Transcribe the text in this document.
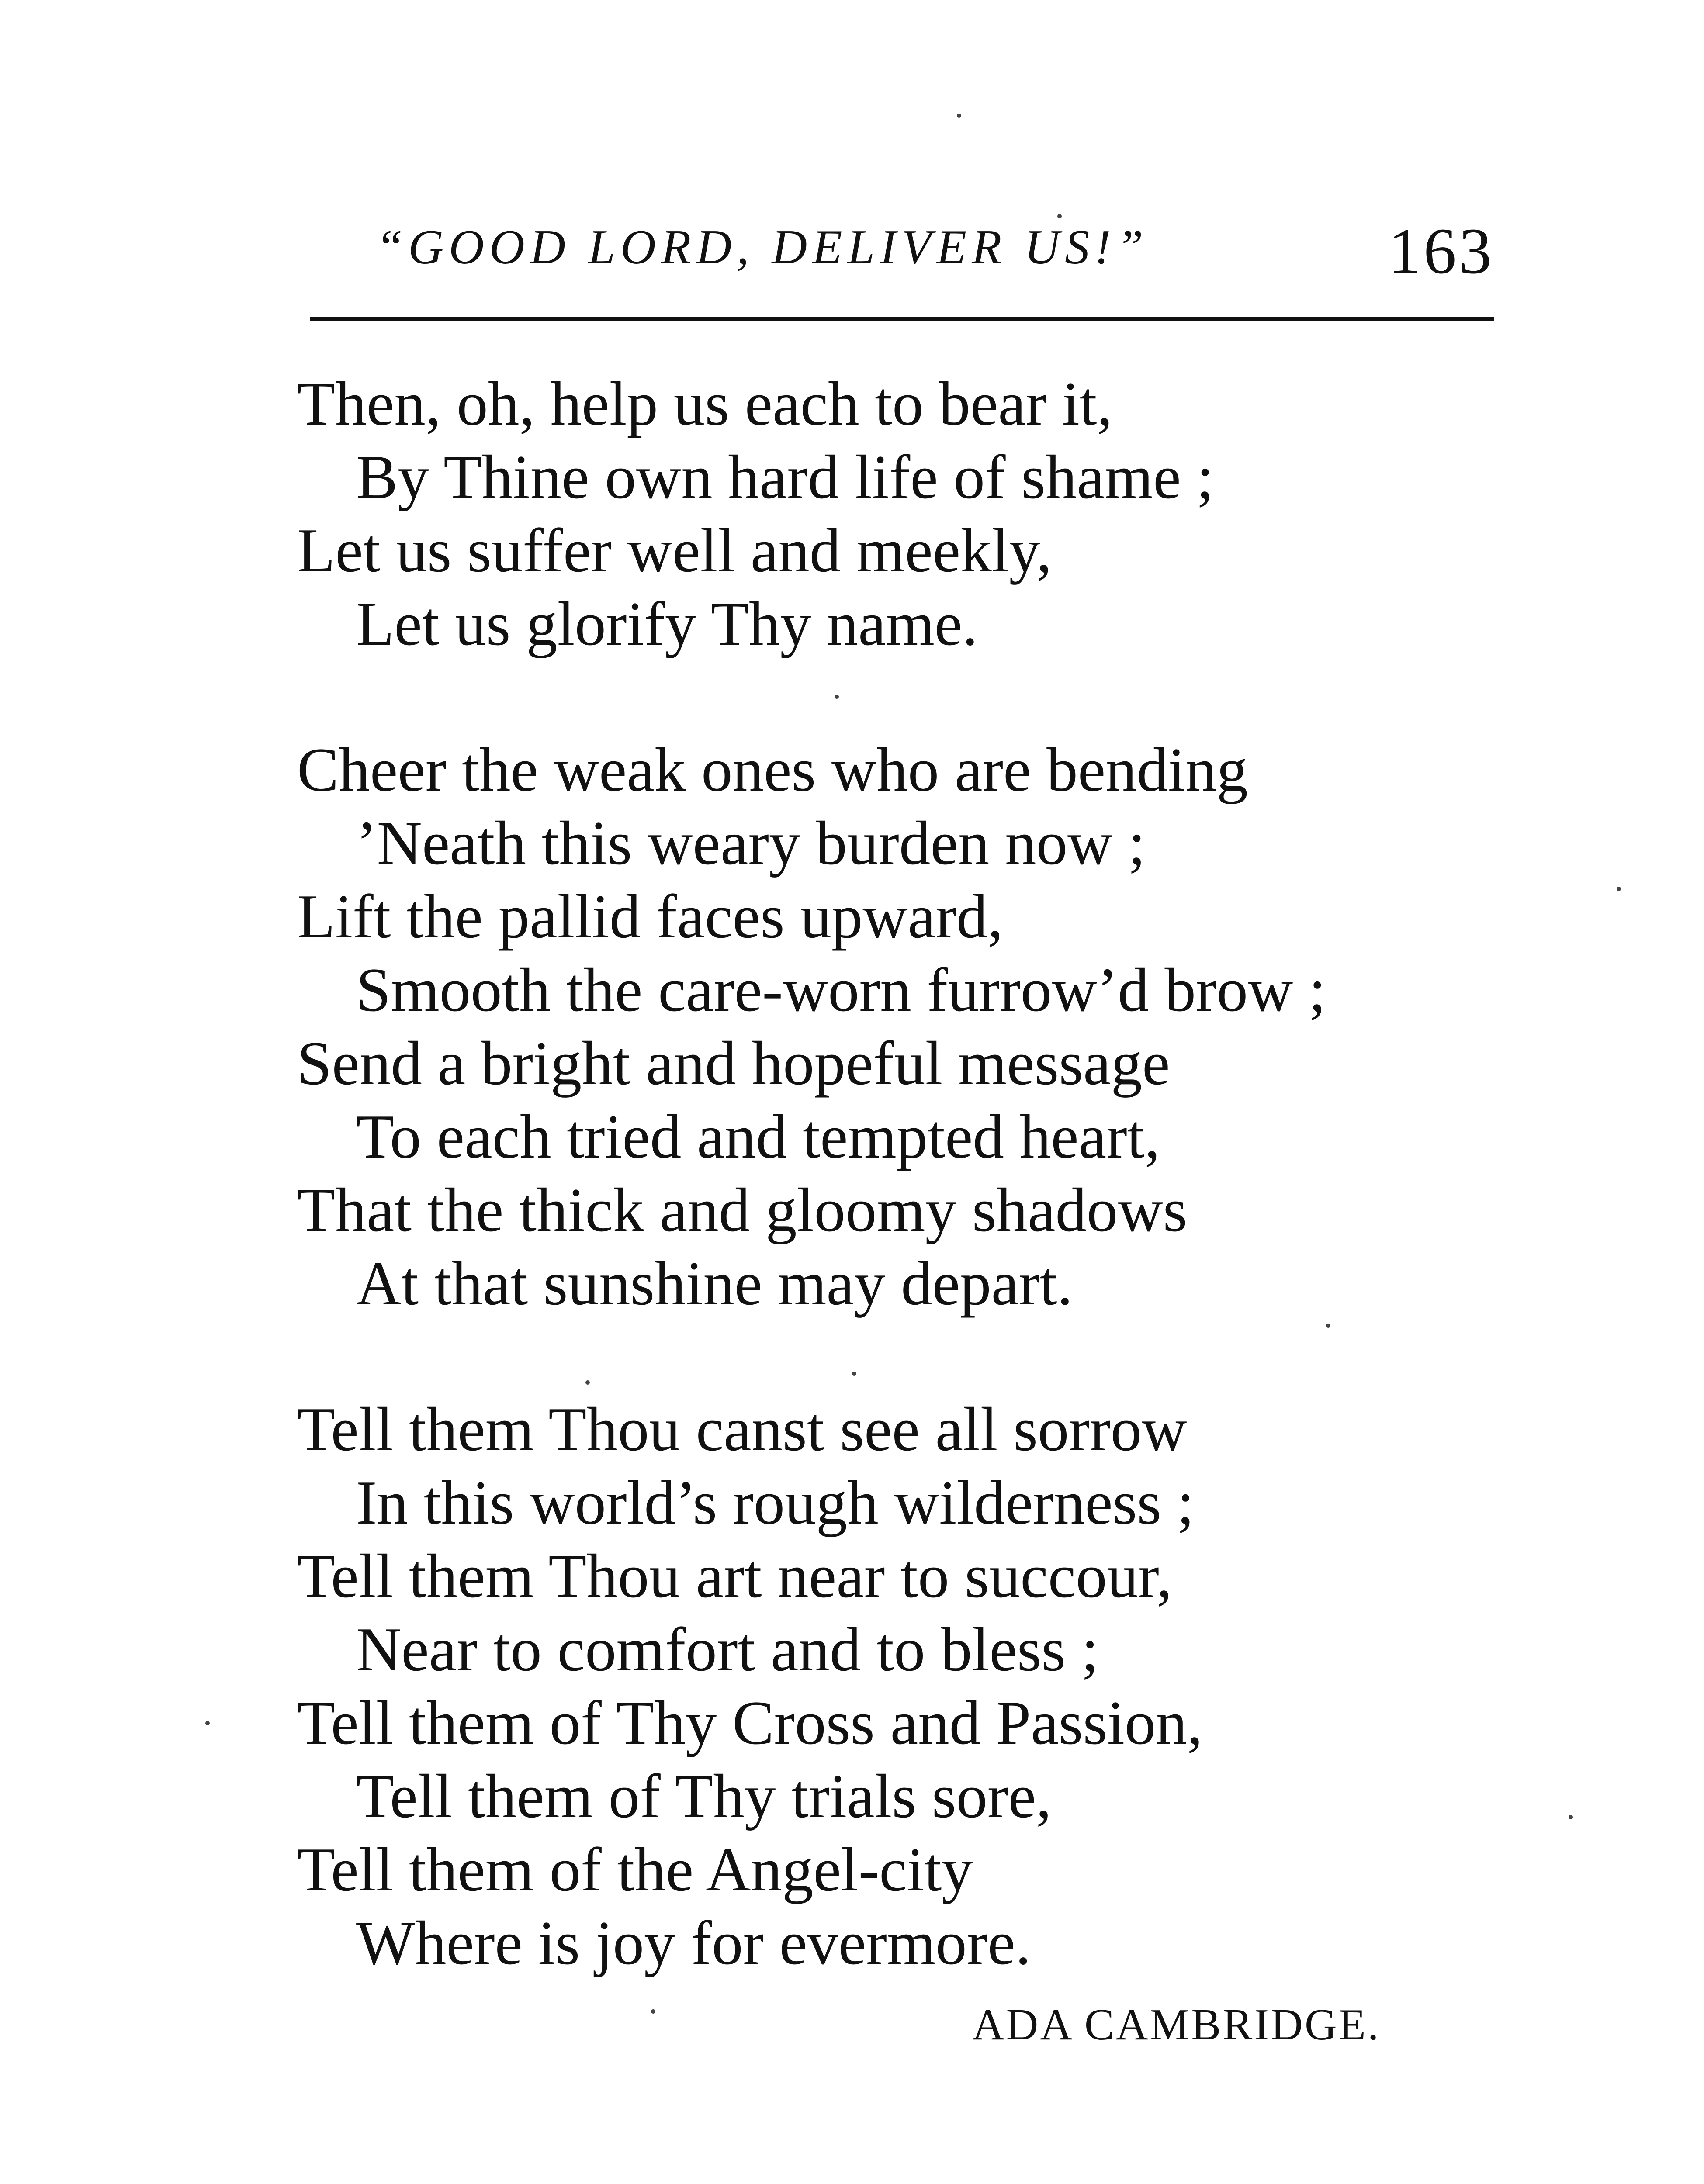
“GOOD LORD, DELIVER US!”	163
Then, oh, help us each to bear it,
By Thine own hard life of shame ;
Let us suffer well and meekly,
Let us glorify Thy name.
Cheer the weak ones who are bending
’Neath this weary burden now ;
Lift the pallid faces upward,
Smooth the care-worn furrow’d brow ;
Send a bright and hopeful message
To each tried and tempted heart,
That the thick and gloomy shadows
At that sunshine may depart.
Tell them Thou canst see all sorrow
In this world’s rough wilderness ;
Tell them Thou art near to succour,
Near to comfort and to bless ;
Tell them of Thy Cross and Passion,
Tell them of Thy trials sore,
Tell them of the Angel-city
Where is joy for evermore.
ADA CAMBRIDGE.
